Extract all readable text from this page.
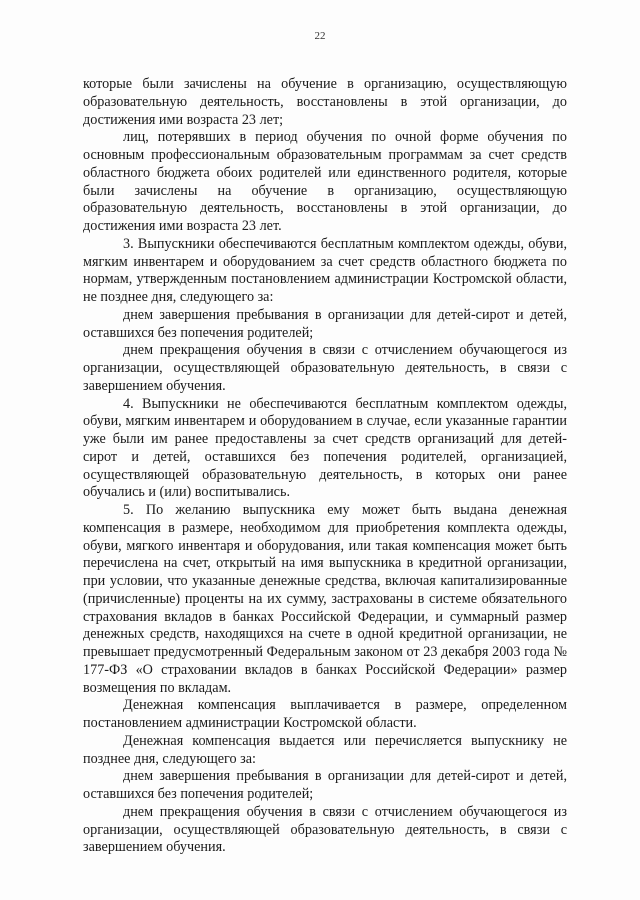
22

которые были зачислены на обучение в организацию, осуществляющую образовательную деятельность, восстановлены в этой организации, до достижения ими возраста 23 лет;

лиц, потерявших в период обучения по очной форме обучения по основным профессиональным образовательным программам за счет средств областного бюджета обоих родителей или единственного родителя, которые были зачислены на обучение в организацию, осуществляющую образовательную деятельность, восстановлены в этой организации, до достижения ими возраста 23 лет.

3. Выпускники обеспечиваются бесплатным комплектом одежды, обуви, мягким инвентарем и оборудованием за счет средств областного бюджета по нормам, утвержденным постановлением администрации Костромской области, не позднее дня, следующего за:

днем завершения пребывания в организации для детей-сирот и детей, оставшихся без попечения родителей;

днем прекращения обучения в связи с отчислением обучающегося из организации, осуществляющей образовательную деятельность, в связи с завершением обучения.

4. Выпускники не обеспечиваются бесплатным комплектом одежды, обуви, мягким инвентарем и оборудованием в случае, если указанные гарантии уже были им ранее предоставлены за счет средств организаций для детей-сирот и детей, оставшихся без попечения родителей, организацией, осуществляющей образовательную деятельность, в которых они ранее обучались и (или) воспитывались.

5. По желанию выпускника ему может быть выдана денежная компенсация в размере, необходимом для приобретения комплекта одежды, обуви, мягкого инвентаря и оборудования, или такая компенсация может быть перечислена на счет, открытый на имя выпускника в кредитной организации, при условии, что указанные денежные средства, включая капитализированные (причисленные) проценты на их сумму, застрахованы в системе обязательного страхования вкладов в банках Российской Федерации, и суммарный размер денежных средств, находящихся на счете в одной кредитной организации, не превышает предусмотренный Федеральным законом от 23 декабря 2003 года № 177-ФЗ «О страховании вкладов в банках Российской Федерации» размер возмещения по вкладам.

Денежная компенсация выплачивается в размере, определенном постановлением администрации Костромской области.

Денежная компенсация выдается или перечисляется выпускнику не позднее дня, следующего за:

днем завершения пребывания в организации для детей-сирот и детей, оставшихся без попечения родителей;

днем прекращения обучения в связи с отчислением обучающегося из организации, осуществляющей образовательную деятельность, в связи с завершением обучения.
